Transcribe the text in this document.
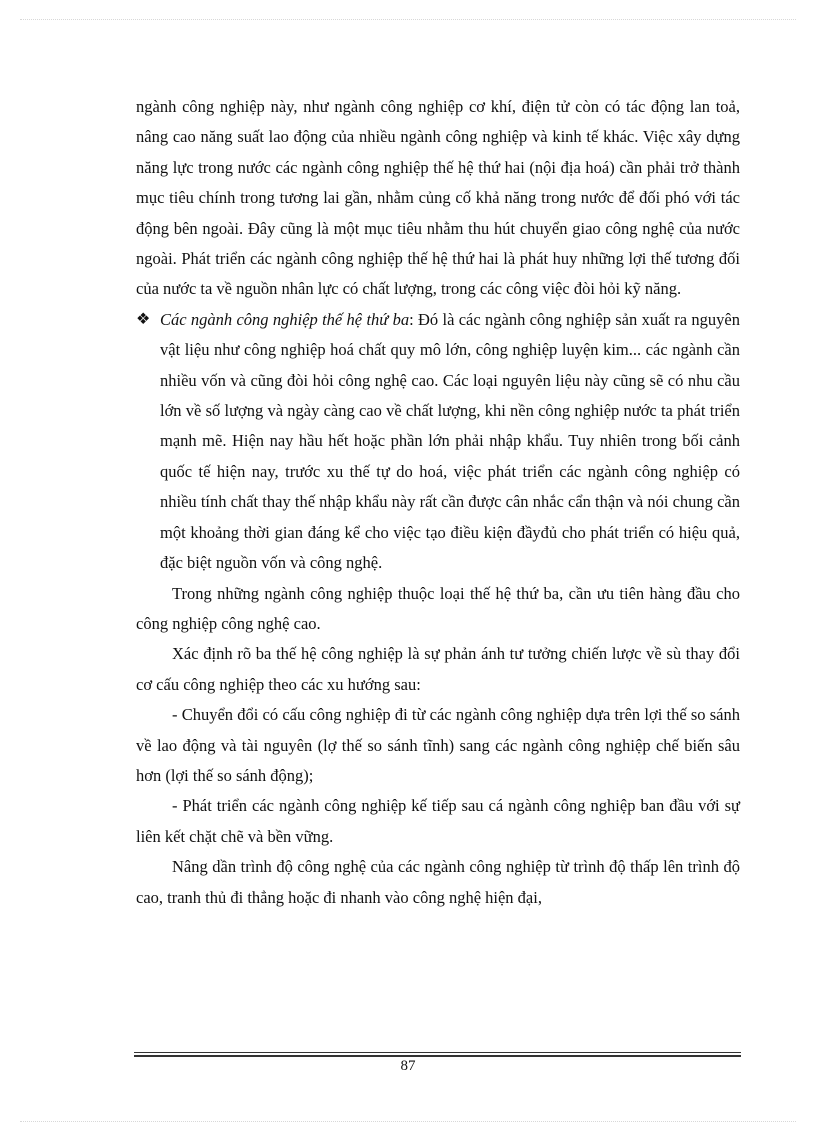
ngành công nghiệp này, như ngành công nghiệp cơ khí, điện tử còn có tác động lan toả, nâng cao năng suất lao động của nhiều ngành công nghiệp và kinh tế khác. Việc xây dựng năng lực trong nước các ngành công nghiệp thế hệ thứ hai (nội địa hoá) cần phải trở thành mục tiêu chính trong tương lai gần, nhằm củng cố khả năng trong nước để đối phó với tác động bên ngoài. Đây cũng là một mục tiêu nhằm thu hút chuyển giao công nghệ của nước ngoài. Phát triển các ngành công nghiệp thế hệ thứ hai là phát huy những lợi thế tương đối của nước ta về nguồn nhân lực có chất lượng, trong các công việc đòi hỏi kỹ năng.

❖ Các ngành công nghiệp thế hệ thứ ba: Đó là các ngành công nghiệp sản xuất ra nguyên vật liệu như công nghiệp hoá chất quy mô lớn, công nghiệp luyện kim... các ngành cần nhiều vốn và cũng đòi hỏi công nghệ cao. Các loại nguyên liệu này cũng sẽ có nhu cầu lớn về số lượng và ngày càng cao về chất lượng, khi nền công nghiệp nước ta phát triển mạnh mẽ. Hiện nay hầu hết hoặc phần lớn phải nhập khẩu. Tuy nhiên trong bối cảnh quốc tế hiện nay, trước xu thế tự do hoá, việc phát triển các ngành công nghiệp có nhiều tính chất thay thế nhập khẩu này rất cần được cân nhắc cẩn thận và nói chung cần một khoảng thời gian đáng kể cho việc tạo điều kiện đầyđủ cho phát triển có hiệu quả, đặc biệt nguồn vốn và công nghệ.

Trong những ngành công nghiệp thuộc loại thế hệ thứ ba, cần ưu tiên hàng đầu cho công nghiệp công nghệ cao.

Xác định rõ ba thế hệ công nghiệp là sự phản ánh tư tưởng chiến lược về sù thay đổi cơ cấu công nghiệp theo các xu hướng sau:

- Chuyển đổi có cấu công nghiệp đi từ các ngành công nghiệp dựa trên lợi thế so sánh về lao động và tài nguyên (lợ thế so sánh tĩnh) sang các ngành công nghiệp chế biến sâu hơn (lợi thế so sánh động);

- Phát triển các ngành công nghiệp kế tiếp sau cá ngành công nghiệp ban đầu với sự liên kết chặt chẽ và bền vững.

Nâng dần trình độ công nghệ của các ngành công nghiệp từ trình độ thấp lên trình độ cao, tranh thủ đi thẳng hoặc đi nhanh vào công nghệ hiện đại,

87
